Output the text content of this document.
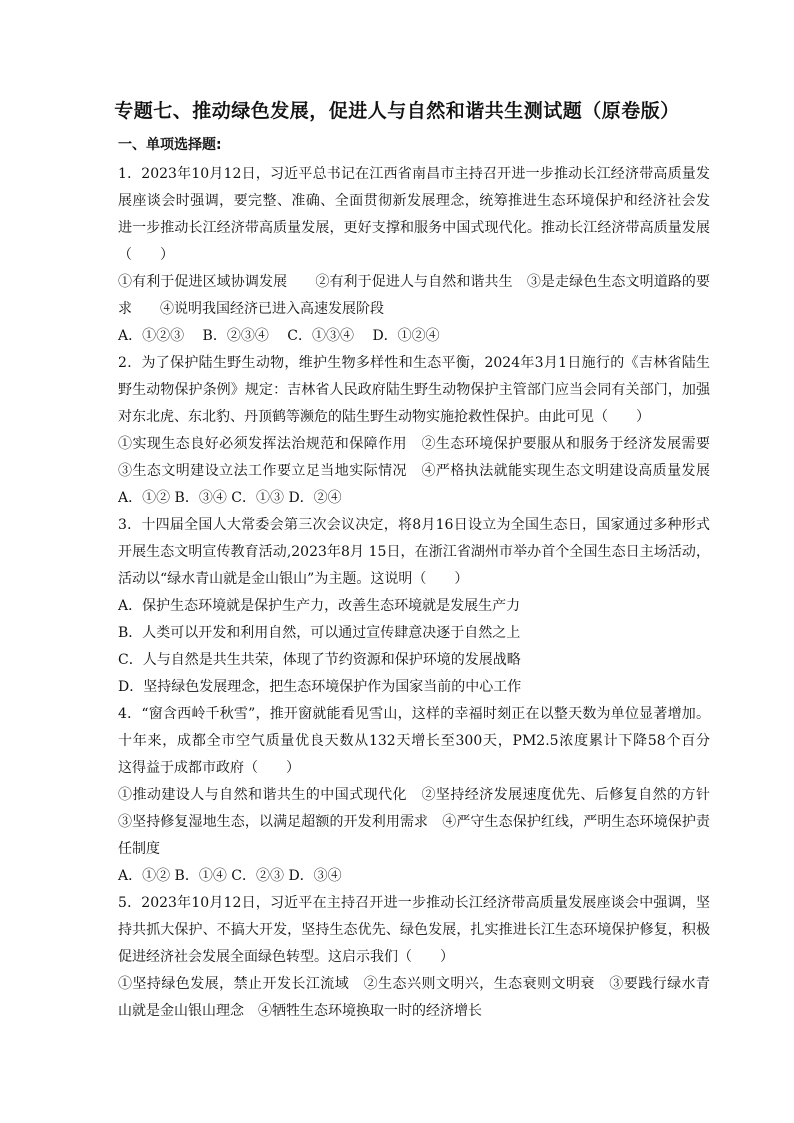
专题七、推动绿色发展，促进人与自然和谐共生测试题（原卷版）
一、单项选择题:
1．2023年10月12日，习近平总书记在江西省南昌市主持召开进一步推动长江经济带高质量发
展座谈会时强调，要完整、准确、全面贯彻新发展理念，统筹推进生态环境保护和经济社会发
进一步推动长江经济带高质量发展，更好支撑和服务中国式现代化。推动长江经济带高质量发展
（　　）
①有利于促进区域协调发展　　②有利于促进人与自然和谐共生　③是走绿色生态文明道路的要
求　　④说明我国经济已进入高速发展阶段
A．①②③　 B．②③④　 C．①③④　 D．①②④
2．为了保护陆生野生动物，维护生物多样性和生态平衡，2024年3月1日施行的《吉林省陆生
野生动物保护条例》规定：吉林省人民政府陆生野生动物保护主管部门应当会同有关部门，加强
对东北虎、东北豹、丹顶鹤等濒危的陆生野生动物实施抢救性保护。由此可见（　　）
①实现生态良好必须发挥法治规范和保障作用　②生态环境保护要服从和服务于经济发展需要
③生态文明建设立法工作要立足当地实际情况　④严格执法就能实现生态文明建设高质量发展
A．①② B．③④ C．①③ D．②④
3．十四届全国人大常委会第三次会议决定，将8月16日设立为全国生态日，国家通过多种形式
开展生态文明宣传教育活动,2023年8月 15日，在浙江省湖州市举办首个全国生态日主场活动，
活动以“绿水青山就是金山银山”为主题。这说明（　　）
A．保护生态环境就是保护生产力，改善生态环境就是发展生产力
B．人类可以开发和利用自然，可以通过宣传肆意决逐于自然之上
C．人与自然是共生共荣，体现了节约资源和保护环境的发展战略
D．坚持绿色发展理念，把生态环境保护作为国家当前的中心工作
4．“窗含西岭千秋雪”，推开窗就能看见雪山，这样的幸福时刻正在以整天数为单位显著增加。
十年来，成都全市空气质量优良天数从132天增长至300天，PM2.5浓度累计下降58个百分
这得益于成都市政府（　　）
①推动建设人与自然和谐共生的中国式现代化　②坚持经济发展速度优先、后修复自然的方针
③坚持修复湿地生态，以满足超额的开发利用需求　④严守生态保护红线，严明生态环境保护责
任制度
A．①② B．①④ C．②③ D．③④
5．2023年10月12日，习近平在主持召开进一步推动长江经济带高质量发展座谈会中强调，坚
持共抓大保护、不搞大开发，坚持生态优先、绿色发展，扎实推进长江生态环境保护修复，积极
促进经济社会发展全面绿色转型。这启示我们（　　）
①坚持绿色发展，禁止开发长江流域　②生态兴则文明兴，生态衰则文明衰　③要践行绿水青
山就是金山银山理念　④牺牲生态环境换取一时的经济增长
